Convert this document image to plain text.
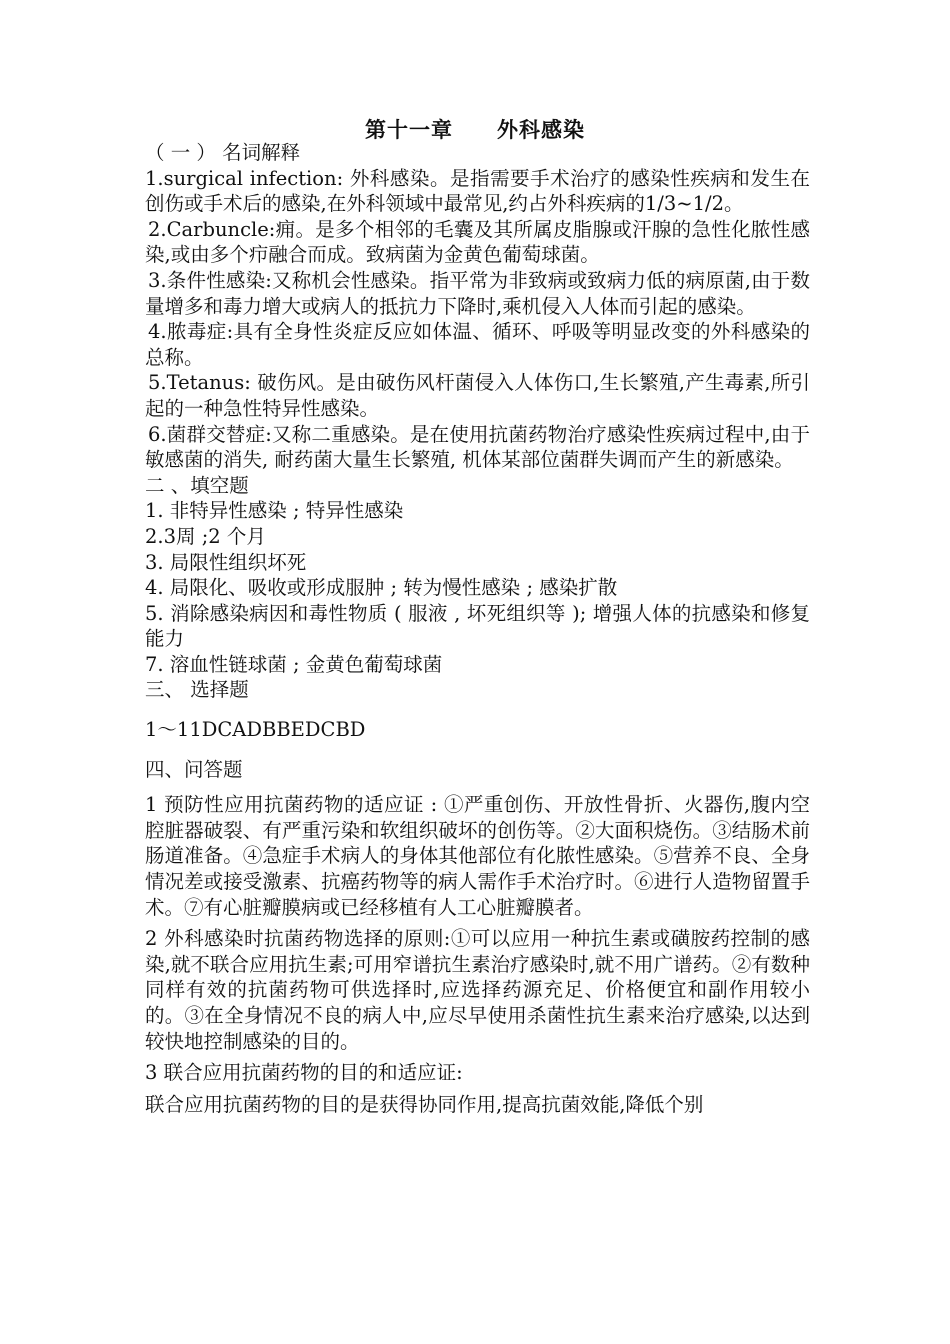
第十一章　　外科感染

（ 一 ） 名词解释

1.surgical infection: 外科感染。是指需要手术治疗的感染性疾病和发生在创伤或手术后的感染,在外科领域中最常见,约占外科疾病的1/3~1/2。

2.Carbuncle:痈。是多个相邻的毛囊及其所属皮脂腺或汗腺的急性化脓性感染,或由多个疖融合而成。致病菌为金黄色葡萄球菌。

3.条件性感染:又称机会性感染。指平常为非致病或致病力低的病原菌,由于数量增多和毒力增大或病人的抵抗力下降时,乘机侵入人体而引起的感染。

4.脓毒症:具有全身性炎症反应如体温、循环、呼吸等明显改变的外科感染的总称。

5.Tetanus: 破伤风。是由破伤风杆菌侵入人体伤口,生长繁殖,产生毒素,所引起的一种急性特异性感染。

6.菌群交替症:又称二重感染。是在使用抗菌药物治疗感染性疾病过程中,由于敏感菌的消失, 耐药菌大量生长繁殖, 机体某部位菌群失调而产生的新感染。

二 、填空题

1. 非特异性感染 ; 特异性感染

2.3周 ;2 个月

3. 局限性组织坏死

4. 局限化、吸收或形成服肿 ; 转为慢性感染 ; 感染扩散

5. 消除感染病因和毒性物质 ( 服液 , 坏死组织等 ); 增强人体的抗感染和修复能力

7. 溶血性链球菌 ; 金黄色葡萄球菌

三、 选择题

1～11DCADBBEDCBD

四、问答题

1 预防性应用抗菌药物的适应证 : ①严重创伤、开放性骨折、火器伤,腹内空腔脏器破裂、有严重污染和软组织破坏的创伤等。②大面积烧伤。③结肠术前肠道准备。④急症手术病人的身体其他部位有化脓性感染。⑤营养不良、全身情况差或接受激素、抗癌药物等的病人需作手术治疗时。⑥进行人造物留置手术。⑦有心脏瓣膜病或已经移植有人工心脏瓣膜者。

2 外科感染时抗菌药物选择的原则:①可以应用一种抗生素或磺胺药控制的感染,就不联合应用抗生素;可用窄谱抗生素治疗感染时,就不用广谱药。②有数种同样有效的抗菌药物可供选择时,应选择药源充足、价格便宜和副作用较小的。③在全身情况不良的病人中,应尽早使用杀菌性抗生素来治疗感染,以达到较快地控制感染的目的。

3 联合应用抗菌药物的目的和适应证:

联合应用抗菌药物的目的是获得协同作用,提高抗菌效能,降低个别
